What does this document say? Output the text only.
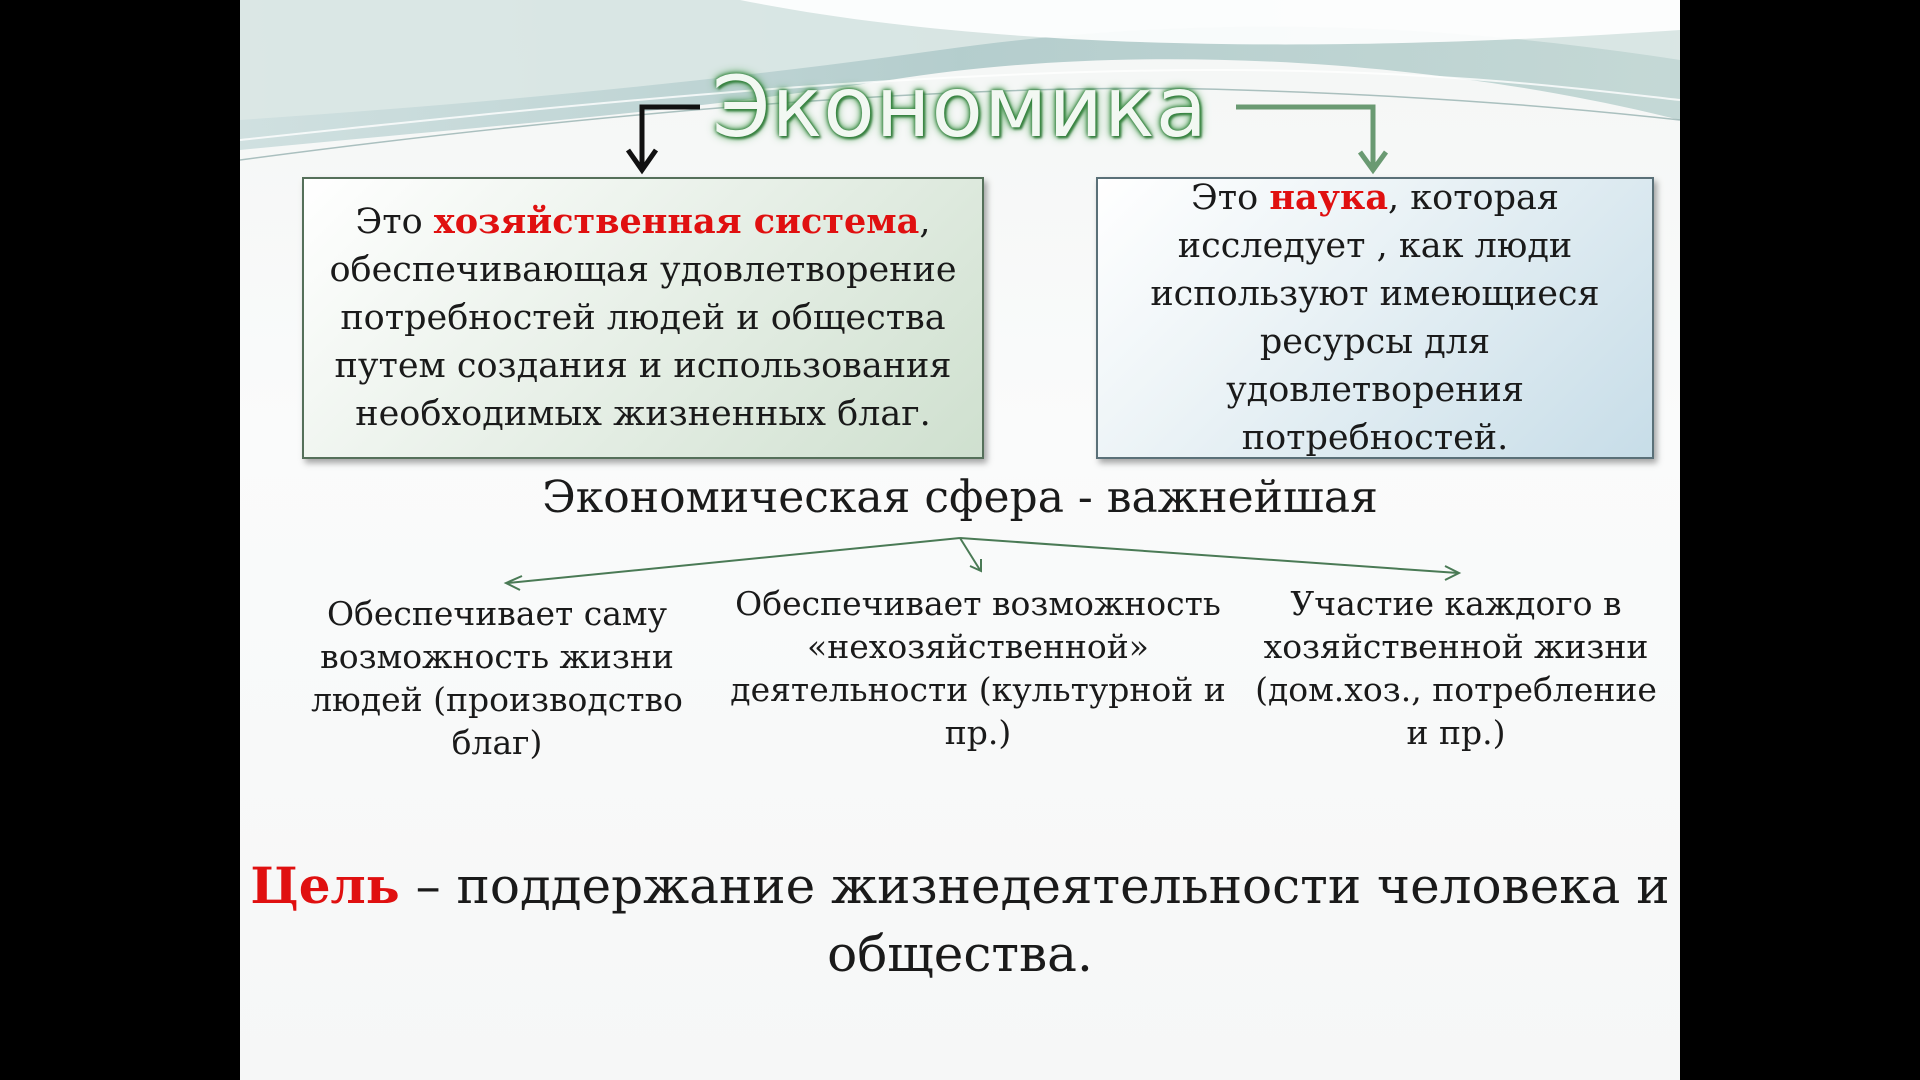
Экономика
Это хозяйственная система, обеспечивающая удовлетворение потребностей людей и общества путем создания и использования необходимых жизненных благ.
Это наука, которая исследует , как люди используют имеющиеся ресурсы для удовлетворения потребностей.
Экономическая сфера - важнейшая
Обеспечивает саму возможность жизни людей (производство благ)
Обеспечивает возможность «нехозяйственной» деятельности (культурной и пр.)
Участие каждого в хозяйственной жизни (дом.хоз., потребление и пр.)
Цель – поддержание жизнедеятельности человека и общества.
